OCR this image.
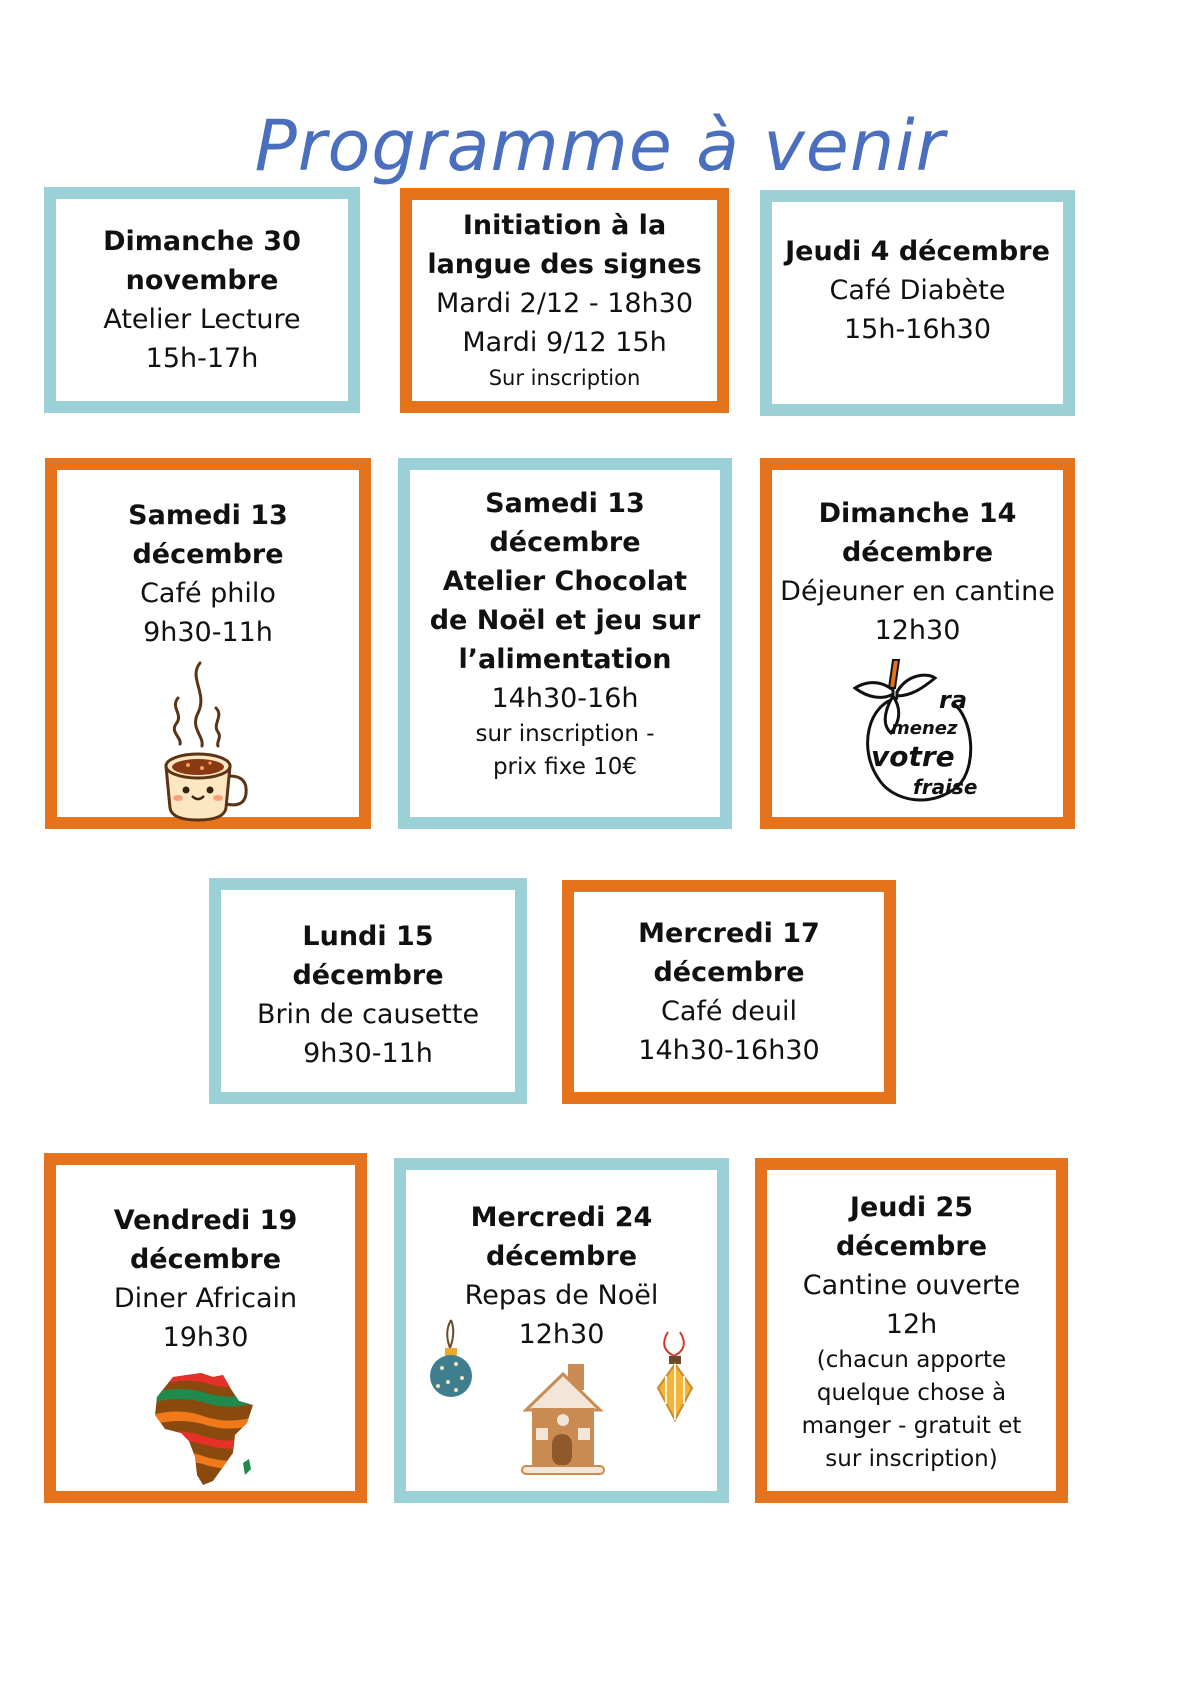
Programme à venir
Dimanche 30
novembre
Atelier Lecture
15h-17h
Initiation à la
langue des signes
Mardi 2/12 - 18h30
Mardi 9/12 15h
Sur inscription
Jeudi 4 décembre
Café Diabète
15h-16h30
Samedi 13
décembre
Café philo
9h30-11h
Samedi 13
décembre
Atelier Chocolat
de Noël et jeu sur
l’alimentation
14h30-16h
sur inscription -
prix fixe 10€
Dimanche 14
décembre
Déjeuner en cantine
12h30
ra
menez
votre
fraise
Lundi 15
décembre
Brin de causette
9h30-11h
Mercredi 17
décembre
Café deuil
14h30-16h30
Vendredi 19
décembre
Diner Africain
19h30
Mercredi 24
décembre
Repas de Noël
12h30
Jeudi 25
décembre
Cantine ouverte
12h
(chacun apporte
quelque chose à
manger - gratuit et
sur inscription)
